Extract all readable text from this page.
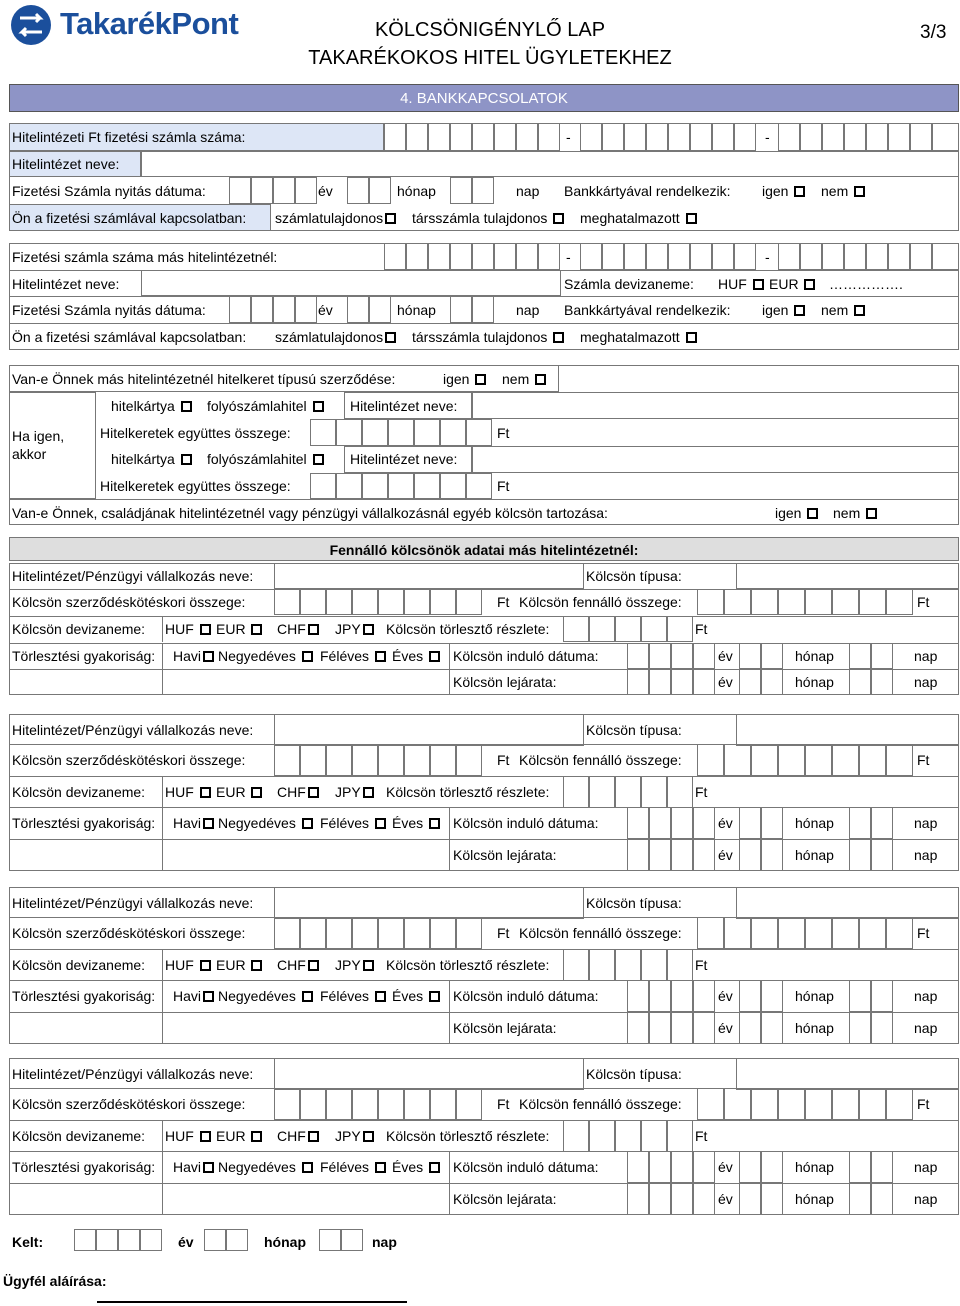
TakarékPont	KÖLCSÖNIGÉNYLŐ LAP
TAKARÉKOKOS HITEL ÜGYLETEKHEZ
3/3
4. BANKKAPCSOLATOK
Hitelintézeti Ft fizetési számla száma:	-	-
Hitelintézet neve:
Fizetési Számla nyitás dátuma:	év	hónap	nap Bankkártyával rendelkezik: igen	nem
Ön a fizetési számlával kapcsolatban: számlatulajdonos	társszámla tulajdonos	meghatalmazott
Fizetési számla száma más hitelintézetnél:	-	-
Hitelintézet neve:	Számla devizaneme: HUF	EUR	…………….
Fizetési Számla nyitás dátuma:	év	hónap	nap Bankkártyával rendelkezik: igen	nem
Ön a fizetési számlával kapcsolatban: számlatulajdonos	társszámla tulajdonos	meghatalmazott
Van-e Önnek más hitelintézetnél hitelkeret típusú szerződése:	igen	nem
Ha igen,
akkor
hitelkártya	folyószámlahitel	Hitelintézet neve:
Hitelkeretek együttes összege:	Ft
hitelkártya	folyószámlahitel	Hitelintézet neve:
Hitelkeretek együttes összege:	Ft
Van-e Önnek, családjának hitelintézetnél vagy pénzügyi vállalkozásnál egyéb kölcsön tartozása:	igen	nem
Fennálló kölcsönök adatai más hitelintézetnél:
Hitelintézet/Pénzügyi vállalkozás neve:	Kölcsön típusa:
Kölcsön szerződéskötéskori összege:	Ft Kölcsön fennálló összege:	Ft
Kölcsön devizaneme: HUF	EUR	CHF	JPY	Kölcsön törlesztő részlete:	Ft
Törlesztési gyakoriság: Havi	Negyedéves	Féléves	Éves	Kölcsön induló dátuma:	év	hónap	nap
Kölcsön lejárata:	év	hónap	nap
Hitelintézet/Pénzügyi vállalkozás neve:	Kölcsön típusa:
Kölcsön szerződéskötéskori összege:	Ft Kölcsön fennálló összege:	Ft
Kölcsön devizaneme: HUF	EUR	CHF	JPY	Kölcsön törlesztő részlete:	Ft
Törlesztési gyakoriság: Havi	Negyedéves	Féléves	Éves	Kölcsön induló dátuma:	év	hónap	nap
Kölcsön lejárata:	év	hónap	nap
Hitelintézet/Pénzügyi vállalkozás neve:	Kölcsön típusa:
Kölcsön szerződéskötéskori összege:	Ft Kölcsön fennálló összege:	Ft
Kölcsön devizaneme: HUF	EUR	CHF	JPY	Kölcsön törlesztő részlete:	Ft
Törlesztési gyakoriság: Havi	Negyedéves	Féléves	Éves	Kölcsön induló dátuma:	év	hónap	nap
Kölcsön lejárata:	év	hónap	nap
Hitelintézet/Pénzügyi vállalkozás neve:	Kölcsön típusa:
Kölcsön szerződéskötéskori összege:	Ft Kölcsön fennálló összege:	Ft
Kölcsön devizaneme: HUF	EUR	CHF	JPY	Kölcsön törlesztő részlete:	Ft
Törlesztési gyakoriság: Havi	Negyedéves	Féléves	Éves	Kölcsön induló dátuma:	év	hónap	nap
Kölcsön lejárata:	év	hónap	nap
Kelt:	év	hónap	nap
Ügyfél aláírása:
